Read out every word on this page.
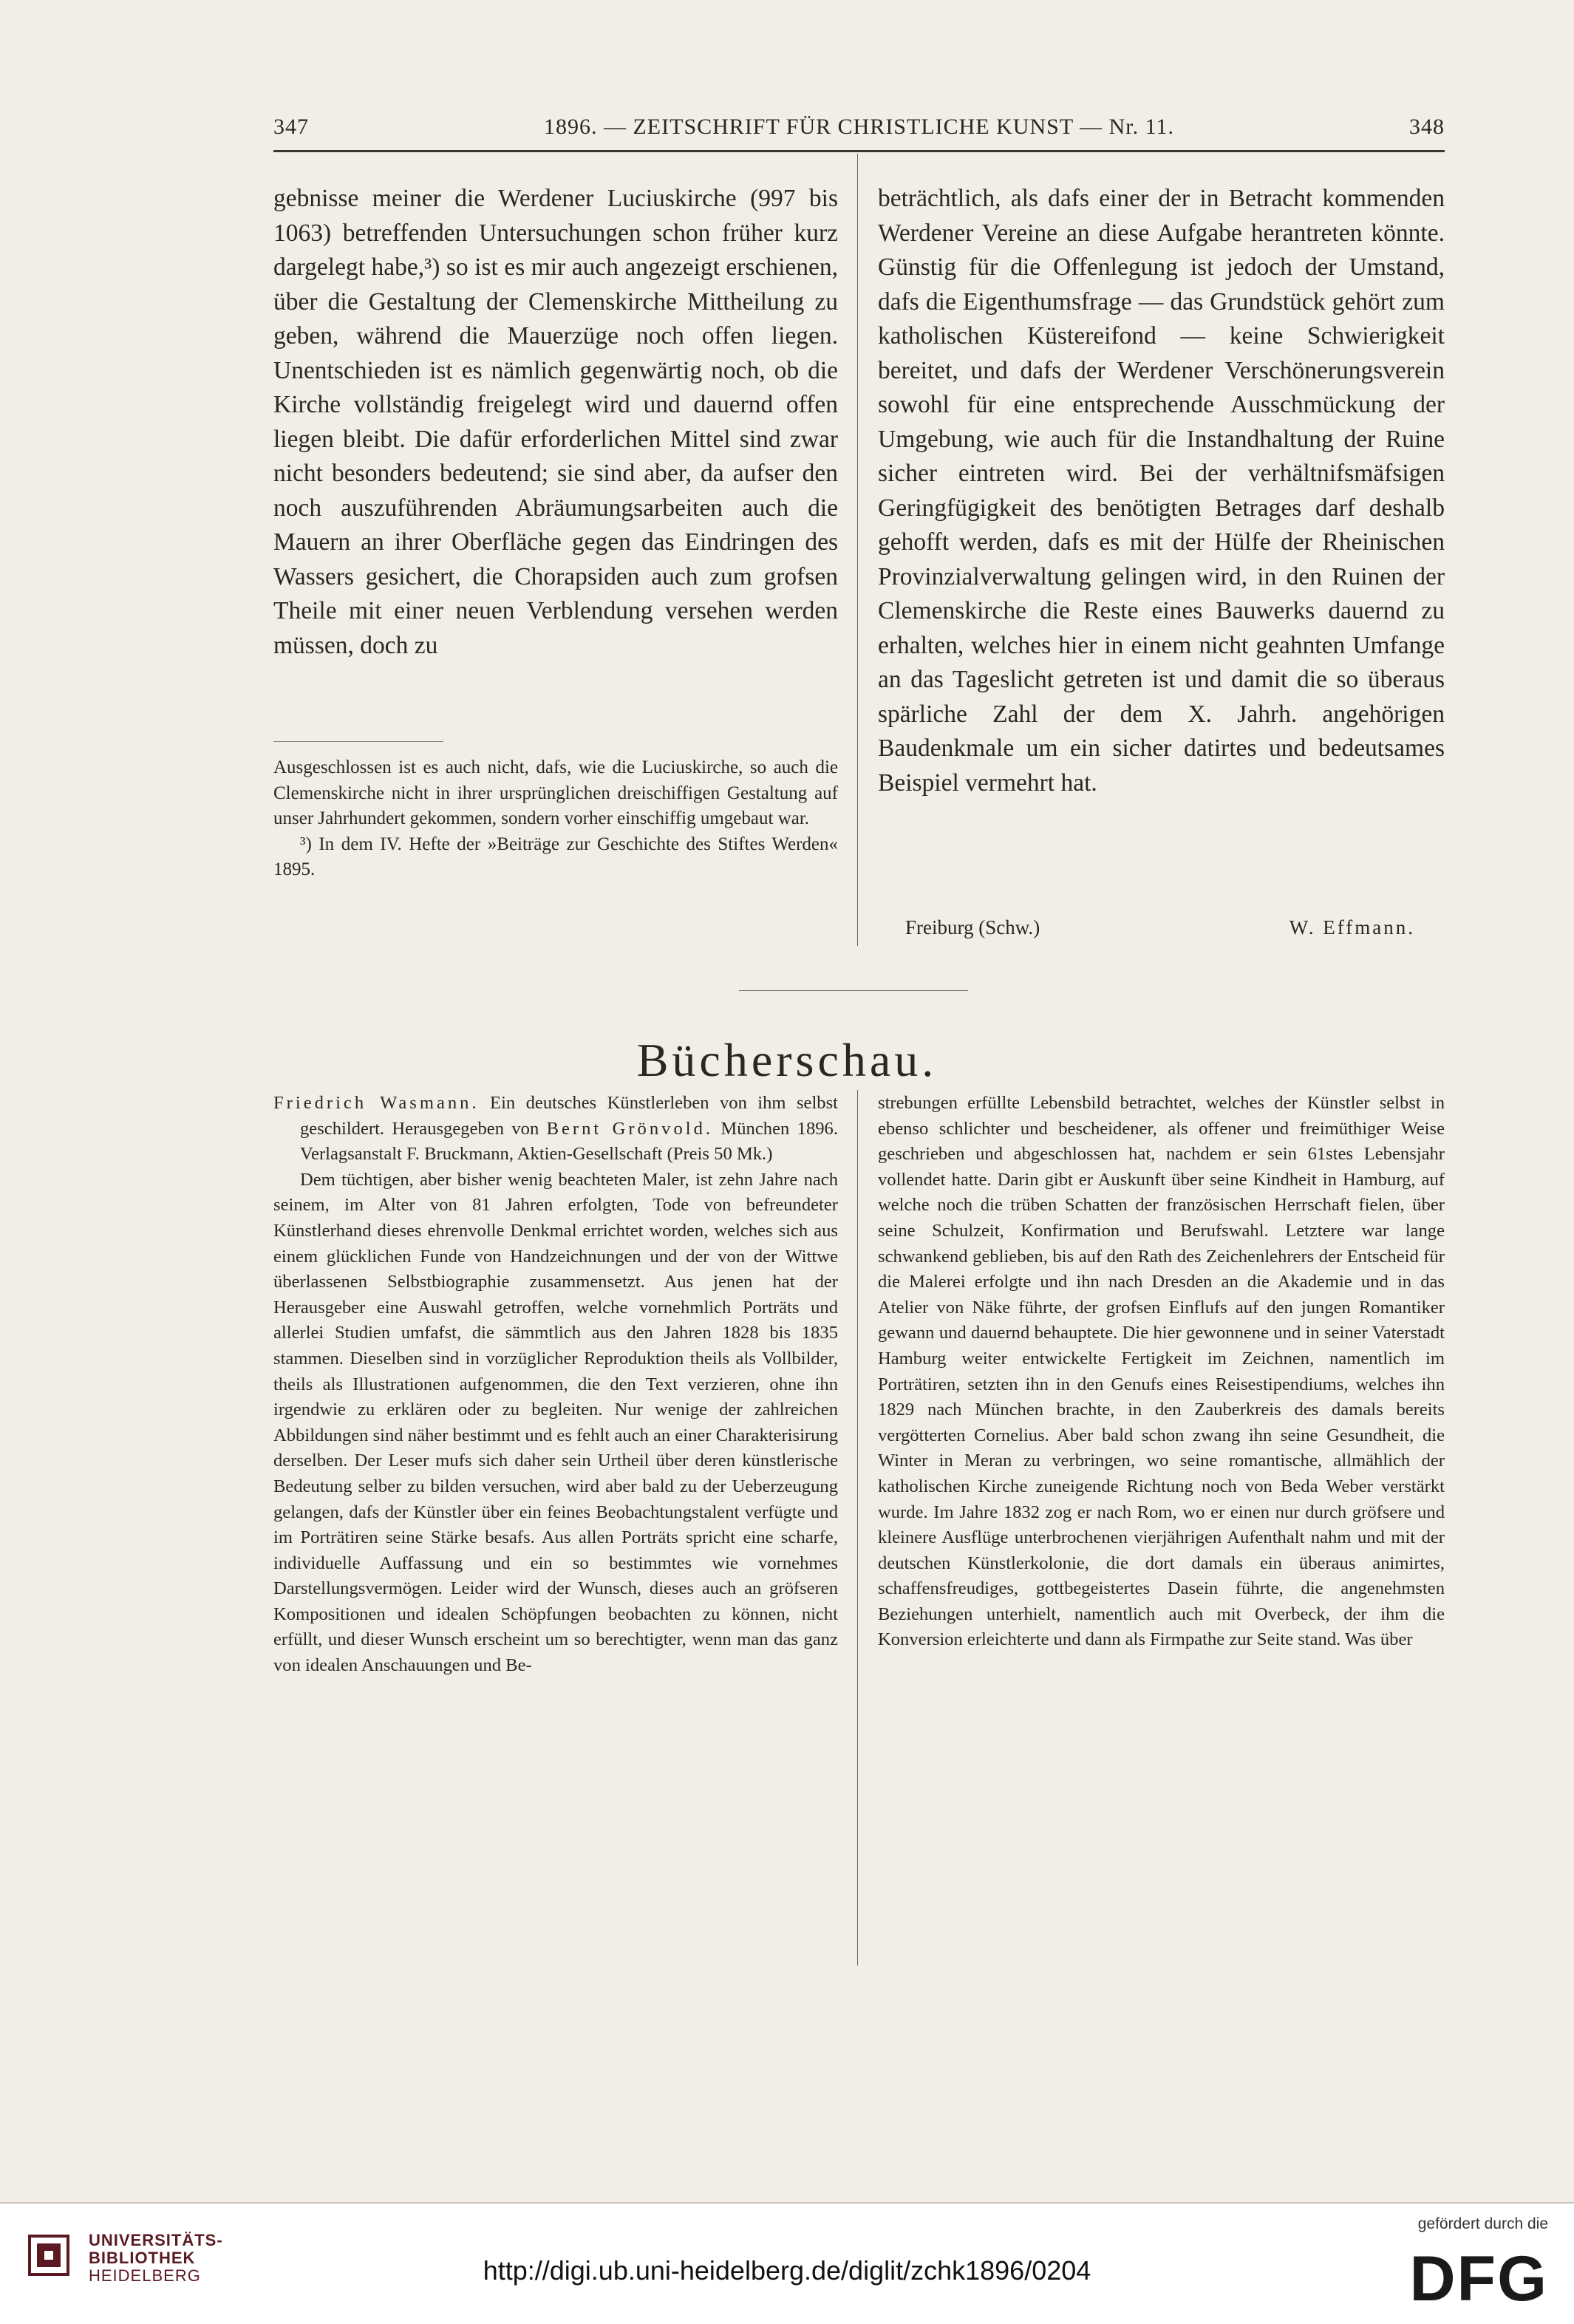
347	1896. — ZEITSCHRIFT FÜR CHRISTLICHE KUNST — Nr. 11.	348

gebnisse meiner die Werdener Luciuskirche (997 bis 1063) betreffenden Untersuchungen schon früher kurz dargelegt habe,³) so ist es mir auch angezeigt erschienen, über die Gestaltung der Clemenskirche Mittheilung zu geben, während die Mauerzüge noch offen liegen. Unentschieden ist es nämlich gegenwärtig noch, ob die Kirche vollständig freigelegt wird und dauernd offen liegen bleibt. Die dafür erforderlichen Mittel sind zwar nicht besonders bedeutend; sie sind aber, da aufser den noch auszuführenden Abräumungsarbeiten auch die Mauern an ihrer Oberfläche gegen das Eindringen des Wassers gesichert, die Chorapsiden auch zum grofsen Theile mit einer neuen Verblendung versehen werden müssen, doch zu

Ausgeschlossen ist es auch nicht, dafs, wie die Luciuskirche, so auch die Clemenskirche nicht in ihrer ursprünglichen dreischiffigen Gestaltung auf unser Jahrhundert gekommen, sondern vorher einschiffig umgebaut war.

³) In dem IV. Hefte der »Beiträge zur Geschichte des Stiftes Werden« 1895.

beträchtlich, als dafs einer der in Betracht kommenden Werdener Vereine an diese Aufgabe herantreten könnte. Günstig für die Offenlegung ist jedoch der Umstand, dafs die Eigenthumsfrage — das Grundstück gehört zum katholischen Küstereifond — keine Schwierigkeit bereitet, und dafs der Werdener Verschönerungsverein sowohl für eine entsprechende Ausschmückung der Umgebung, wie auch für die Instandhaltung der Ruine sicher eintreten wird. Bei der verhältnifsmäfsigen Geringfügigkeit des benötigten Betrages darf deshalb gehofft werden, dafs es mit der Hülfe der Rheinischen Provinzialverwaltung gelingen wird, in den Ruinen der Clemenskirche die Reste eines Bauwerks dauernd zu erhalten, welches hier in einem nicht geahnten Umfange an das Tageslicht getreten ist und damit die so überaus spärliche Zahl der dem X. Jahrh. angehörigen Baudenkmale um ein sicher datirtes und bedeutsames Beispiel vermehrt hat.

Freiburg (Schw.)	W. Effmann.
Bücherschau.

Friedrich Wasmann. Ein deutsches Künstlerleben von ihm selbst geschildert. Herausgegeben von Bernt Grönvold. München 1896. Verlagsanstalt F. Bruckmann, Aktien-Gesellschaft (Preis 50 Mk.)

Dem tüchtigen, aber bisher wenig beachteten Maler, ist zehn Jahre nach seinem, im Alter von 81 Jahren erfolgten, Tode von befreundeter Künstlerhand dieses ehrenvolle Denkmal errichtet worden, welches sich aus einem glücklichen Funde von Handzeichnungen und der von der Wittwe überlassenen Selbstbiographie zusammensetzt. Aus jenen hat der Herausgeber eine Auswahl getroffen, welche vornehmlich Porträts und allerlei Studien umfafst, die sämmtlich aus den Jahren 1828 bis 1835 stammen. Dieselben sind in vorzüglicher Reproduktion theils als Vollbilder, theils als Illustrationen aufgenommen, die den Text verzieren, ohne ihn irgendwie zu erklären oder zu begleiten. Nur wenige der zahlreichen Abbildungen sind näher bestimmt und es fehlt auch an einer Charakterisirung derselben. Der Leser mufs sich daher sein Urtheil über deren künstlerische Bedeutung selber zu bilden versuchen, wird aber bald zu der Ueberzeugung gelangen, dafs der Künstler über ein feines Beobachtungstalent verfügte und im Porträtiren seine Stärke besafs. Aus allen Porträts spricht eine scharfe, individuelle Auffassung und ein so bestimmtes wie vornehmes Darstellungsvermögen. Leider wird der Wunsch, dieses auch an gröfseren Kompositionen und idealen Schöpfungen beobachten zu können, nicht erfüllt, und dieser Wunsch erscheint um so berechtigter, wenn man das ganz von idealen Anschauungen und Be-

strebungen erfüllte Lebensbild betrachtet, welches der Künstler selbst in ebenso schlichter und bescheidener, als offener und freimüthiger Weise geschrieben und abgeschlossen hat, nachdem er sein 61stes Lebensjahr vollendet hatte. Darin gibt er Auskunft über seine Kindheit in Hamburg, auf welche noch die trüben Schatten der französischen Herrschaft fielen, über seine Schulzeit, Konfirmation und Berufswahl. Letztere war lange schwankend geblieben, bis auf den Rath des Zeichenlehrers der Entscheid für die Malerei erfolgte und ihn nach Dresden an die Akademie und in das Atelier von Näke führte, der grofsen Einflufs auf den jungen Romantiker gewann und dauernd behauptete. Die hier gewonnene und in seiner Vaterstadt Hamburg weiter entwickelte Fertigkeit im Zeichnen, namentlich im Porträtiren, setzten ihn in den Genufs eines Reisestipendiums, welches ihn 1829 nach München brachte, in den Zauberkreis des damals bereits vergötterten Cornelius. Aber bald schon zwang ihn seine Gesundheit, die Winter in Meran zu verbringen, wo seine romantische, allmählich der katholischen Kirche zuneigende Richtung noch von Beda Weber verstärkt wurde. Im Jahre 1832 zog er nach Rom, wo er einen nur durch gröfsere und kleinere Ausflüge unterbrochenen vierjährigen Aufenthalt nahm und mit der deutschen Künstlerkolonie, die dort damals ein überaus animirtes, schaffensfreudiges, gottbegeistertes Dasein führte, die angenehmsten Beziehungen unterhielt, namentlich auch mit Overbeck, der ihm die Konversion erleichterte und dann als Firmpathe zur Seite stand. Was über

UNIVERSITÄTS-
BIBLIOTHEK
HEIDELBERG	http://digi.ub.uni-heidelberg.de/diglit/zchk1896/0204
gefördert durch die
DFG
